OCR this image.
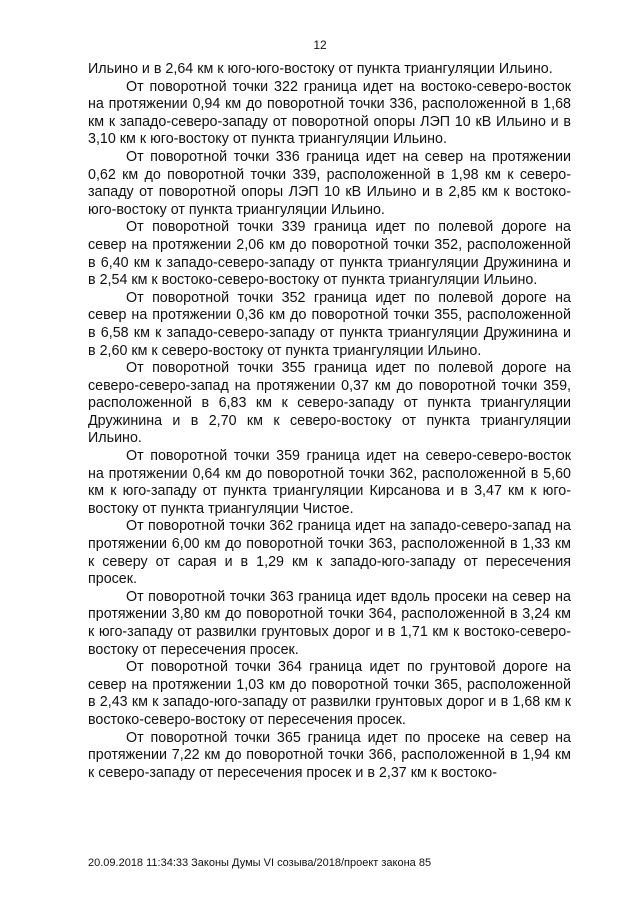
12

Ильино и в 2,64 км к юго-юго-востоку от пункта триангуляции Ильино.

От поворотной точки 322 граница идет на востоко-северо-восток на протяжении 0,94 км до поворотной точки 336, расположенной в 1,68 км к западо-северо-западу от поворотной опоры ЛЭП 10 кВ Ильино и в 3,10 км к юго-востоку от пункта триангуляции Ильино.

От поворотной точки 336 граница идет на север на протяжении 0,62 км до поворотной точки 339, расположенной в 1,98 км к северо-западу от поворотной опоры ЛЭП 10 кВ Ильино и в 2,85 км к востоко-юго-востоку от пункта триангуляции Ильино.

От поворотной точки 339 граница идет по полевой дороге на север на протяжении 2,06 км до поворотной точки 352, расположенной в 6,40 км к западо-северо-западу от пункта триангуляции Дружинина и в 2,54 км к востоко-северо-востоку от пункта триангуляции Ильино.

От поворотной точки 352 граница идет по полевой дороге на север на протяжении 0,36 км до поворотной точки 355, расположенной в 6,58 км к западо-северо-западу от пункта триангуляции Дружинина и в 2,60 км к северо-востоку от пункта триангуляции Ильино.

От поворотной точки 355 граница идет по полевой дороге на северо-северо-запад на протяжении 0,37 км до поворотной точки 359, расположенной в 6,83 км к северо-западу от пункта триангуляции Дружинина и в 2,70 км к северо-востоку от пункта триангуляции Ильино.

От поворотной точки 359 граница идет на северо-северо-восток на протяжении 0,64 км до поворотной точки 362, расположенной в 5,60 км к юго-западу от пункта триангуляции Кирсанова и в 3,47 км к юго-востоку от пункта триангуляции Чистое.

От поворотной точки 362 граница идет на западо-северо-запад на протяжении 6,00 км до поворотной точки 363, расположенной в 1,33 км к северу от сарая и в 1,29 км к западо-юго-западу от пересечения просек.

От поворотной точки 363 граница идет вдоль просеки на север на протяжении 3,80 км до поворотной точки 364, расположенной в 3,24 км к юго-западу от развилки грунтовых дорог и в 1,71 км к востоко-северо-востоку от пересечения просек.

От поворотной точки 364 граница идет по грунтовой дороге на север на протяжении 1,03 км до поворотной точки 365, расположенной в 2,43 км к западо-юго-западу от развилки грунтовых дорог и в 1,68 км к востоко-северо-востоку от пересечения просек.

От поворотной точки 365 граница идет по просеке на север на протяжении 7,22 км до поворотной точки 366, расположенной в 1,94 км к северо-западу от пересечения просек и в 2,37 км к востоко-

20.09.2018 11:34:33 Законы Думы VI созыва/2018/проект закона 85
